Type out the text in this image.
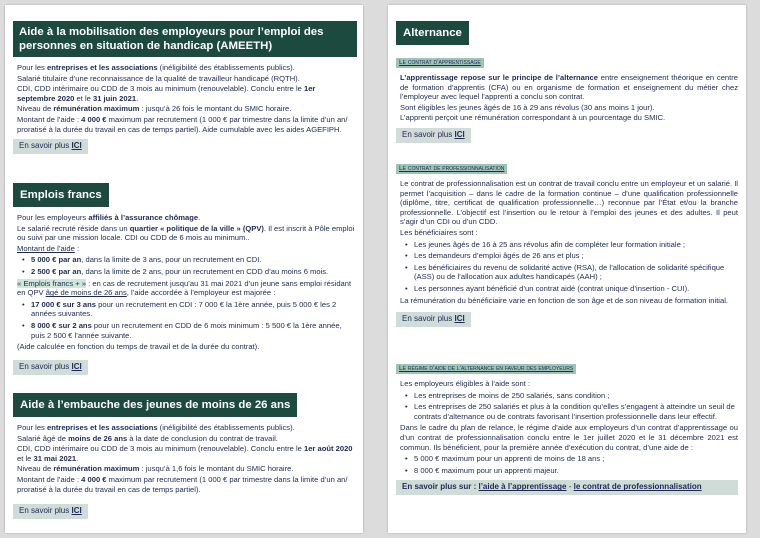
Aide à la mobilisation des employeurs pour l’emploi des personnes en situation de handicap (AMEETH)
Pour les entreprises et les associations (inéligibilité des établissements publics).
Salarié titulaire d’une reconnaissance de la qualité de travailleur handicapé (RQTH).
CDI, CDD intérimaire ou CDD de 3 mois au minimum (renouvelable). Conclu entre le 1er septembre 2020 et le 31 juin 2021.
Niveau de rémunération maximum : jusqu’à 26 fois le montant du SMIC horaire.
Montant de l’aide : 4 000 € maximum par recrutement (1 000 € par trimestre dans la limite d’un an/ proratisé à la durée du travail en cas de temps partiel). Aide cumulable avec les aides AGEFIPH.
En savoir plus ICI
Emplois francs
Pour les employeurs affiliés à l’assurance chômage.
Le salarié recruté réside dans un quartier « politique de la ville » (QPV). Il est inscrit à Pôle emploi ou suivi par une mission locale. CDI ou CDD de 6 mois au minimum..
Montant de l’aide :
• 5 000 € par an, dans la limite de 3 ans, pour un recrutement en CDI.
• 2 500 € par an, dans la limite de 2 ans, pour un recrutement en CDD d’au moins 6 mois.
« Emplois francs + » : en cas de recrutement jusqu’au 31 mai 2021 d’un jeune sans emploi résidant en QPV âgé de moins de 26 ans, l’aide accordée à l’employeur est majorée :
• 17 000 € sur 3 ans pour un recrutement en CDI : 7 000 € la 1ère année, puis 5 000 € les 2 années suivantes.
• 8 000 € sur 2 ans pour un recrutement en CDD de 6 mois minimum : 5 500 € la 1ère année, puis 2 500 € l’année suivante.
(Aide calculée en fonction du temps de travail et de la durée du contrat).
En savoir plus ICI
Aide à l’embauche des jeunes de moins de 26 ans
Pour les entreprises et les associations (inéligibilité des établissements publics).
Salarié âgé de moins de 26 ans à la date de conclusion du contrat de travail.
CDI, CDD intérimaire ou CDD de 3 mois au minimum (renouvelable). Conclu entre le 1er août 2020 et le 31 mai 2021.
Niveau de rémunération maximum : jusqu’à 1,6 fois le montant du SMIC horaire.
Montant de l’aide : 4 000 € maximum par recrutement (1 000 € par trimestre dans la limite d’un an/ proratisé à la durée du travail en cas de temps partiel).
En savoir plus ICI
Alternance
Le contrat d’apprentissage
L’apprentissage repose sur le principe de l’alternance entre enseignement théorique en centre de formation d’apprentis (CFA) ou en organisme de formation et enseignement du métier chez l’employeur avec lequel l’apprenti a conclu son contrat.
Sont éligibles les jeunes âgés de 16 à 29 ans révolus (30 ans moins 1 jour).
L’apprenti perçoit une rémunération correspondant à un pourcentage du SMIC.
En savoir plus ICI
Le contrat de professionnalisation
Le contrat de professionnalisation est un contrat de travail conclu entre un employeur et un salarié. Il permet l’acquisition – dans le cadre de la formation continue – d’une qualification professionnelle (diplôme, titre, certificat de qualification professionnelle…) reconnue par l’État et/ou la branche professionnelle. L’objectif est l’insertion ou le retour à l’emploi des jeunes et des adultes. Il peut s’agir d’un CDI ou d’un CDD.
Les bénéficiaires sont :
• Les jeunes âgés de 16 à 25 ans révolus afin de compléter leur formation initiale ;
• Les demandeurs d’emploi âgés de 26 ans et plus ;
• Les bénéficiaires du revenu de solidarité active (RSA), de l’allocation de solidarité spécifique (ASS) ou de l’allocation aux adultes handicapés (AAH) ;
• Les personnes ayant bénéficié d’un contrat aidé (contrat unique d’insertion - CUI).
La rémunération du bénéficiaire varie en fonction de son âge et de son niveau de formation initial.
En savoir plus ICI
Le régime d’aide de l’alternance en faveur des employeurs
Les employeurs éligibles à l’aide sont :
• Les entreprises de moins de 250 salariés, sans condition ;
• Les entreprises de 250 salariés et plus à la condition qu’elles s’engagent à atteindre un seuil de contrats d’alternance ou de contrats favorisant l’insertion professionnelle dans leur effectif.
Dans le cadre du plan de relance, le régime d’aide aux employeurs d’un contrat d’apprentissage ou d’un contrat de professionnalisation conclu entre le 1er juillet 2020 et le 31 décembre 2021 est commun. Ils bénéficient, pour la première année d’exécution du contrat, d’une aide de :
• 5 000 € maximum pour un apprenti de moins de 18 ans ;
• 8 000 € maximum pour un apprenti majeur.
En savoir plus sur : l’aide à l’apprentissage - le contrat de professionnalisation
